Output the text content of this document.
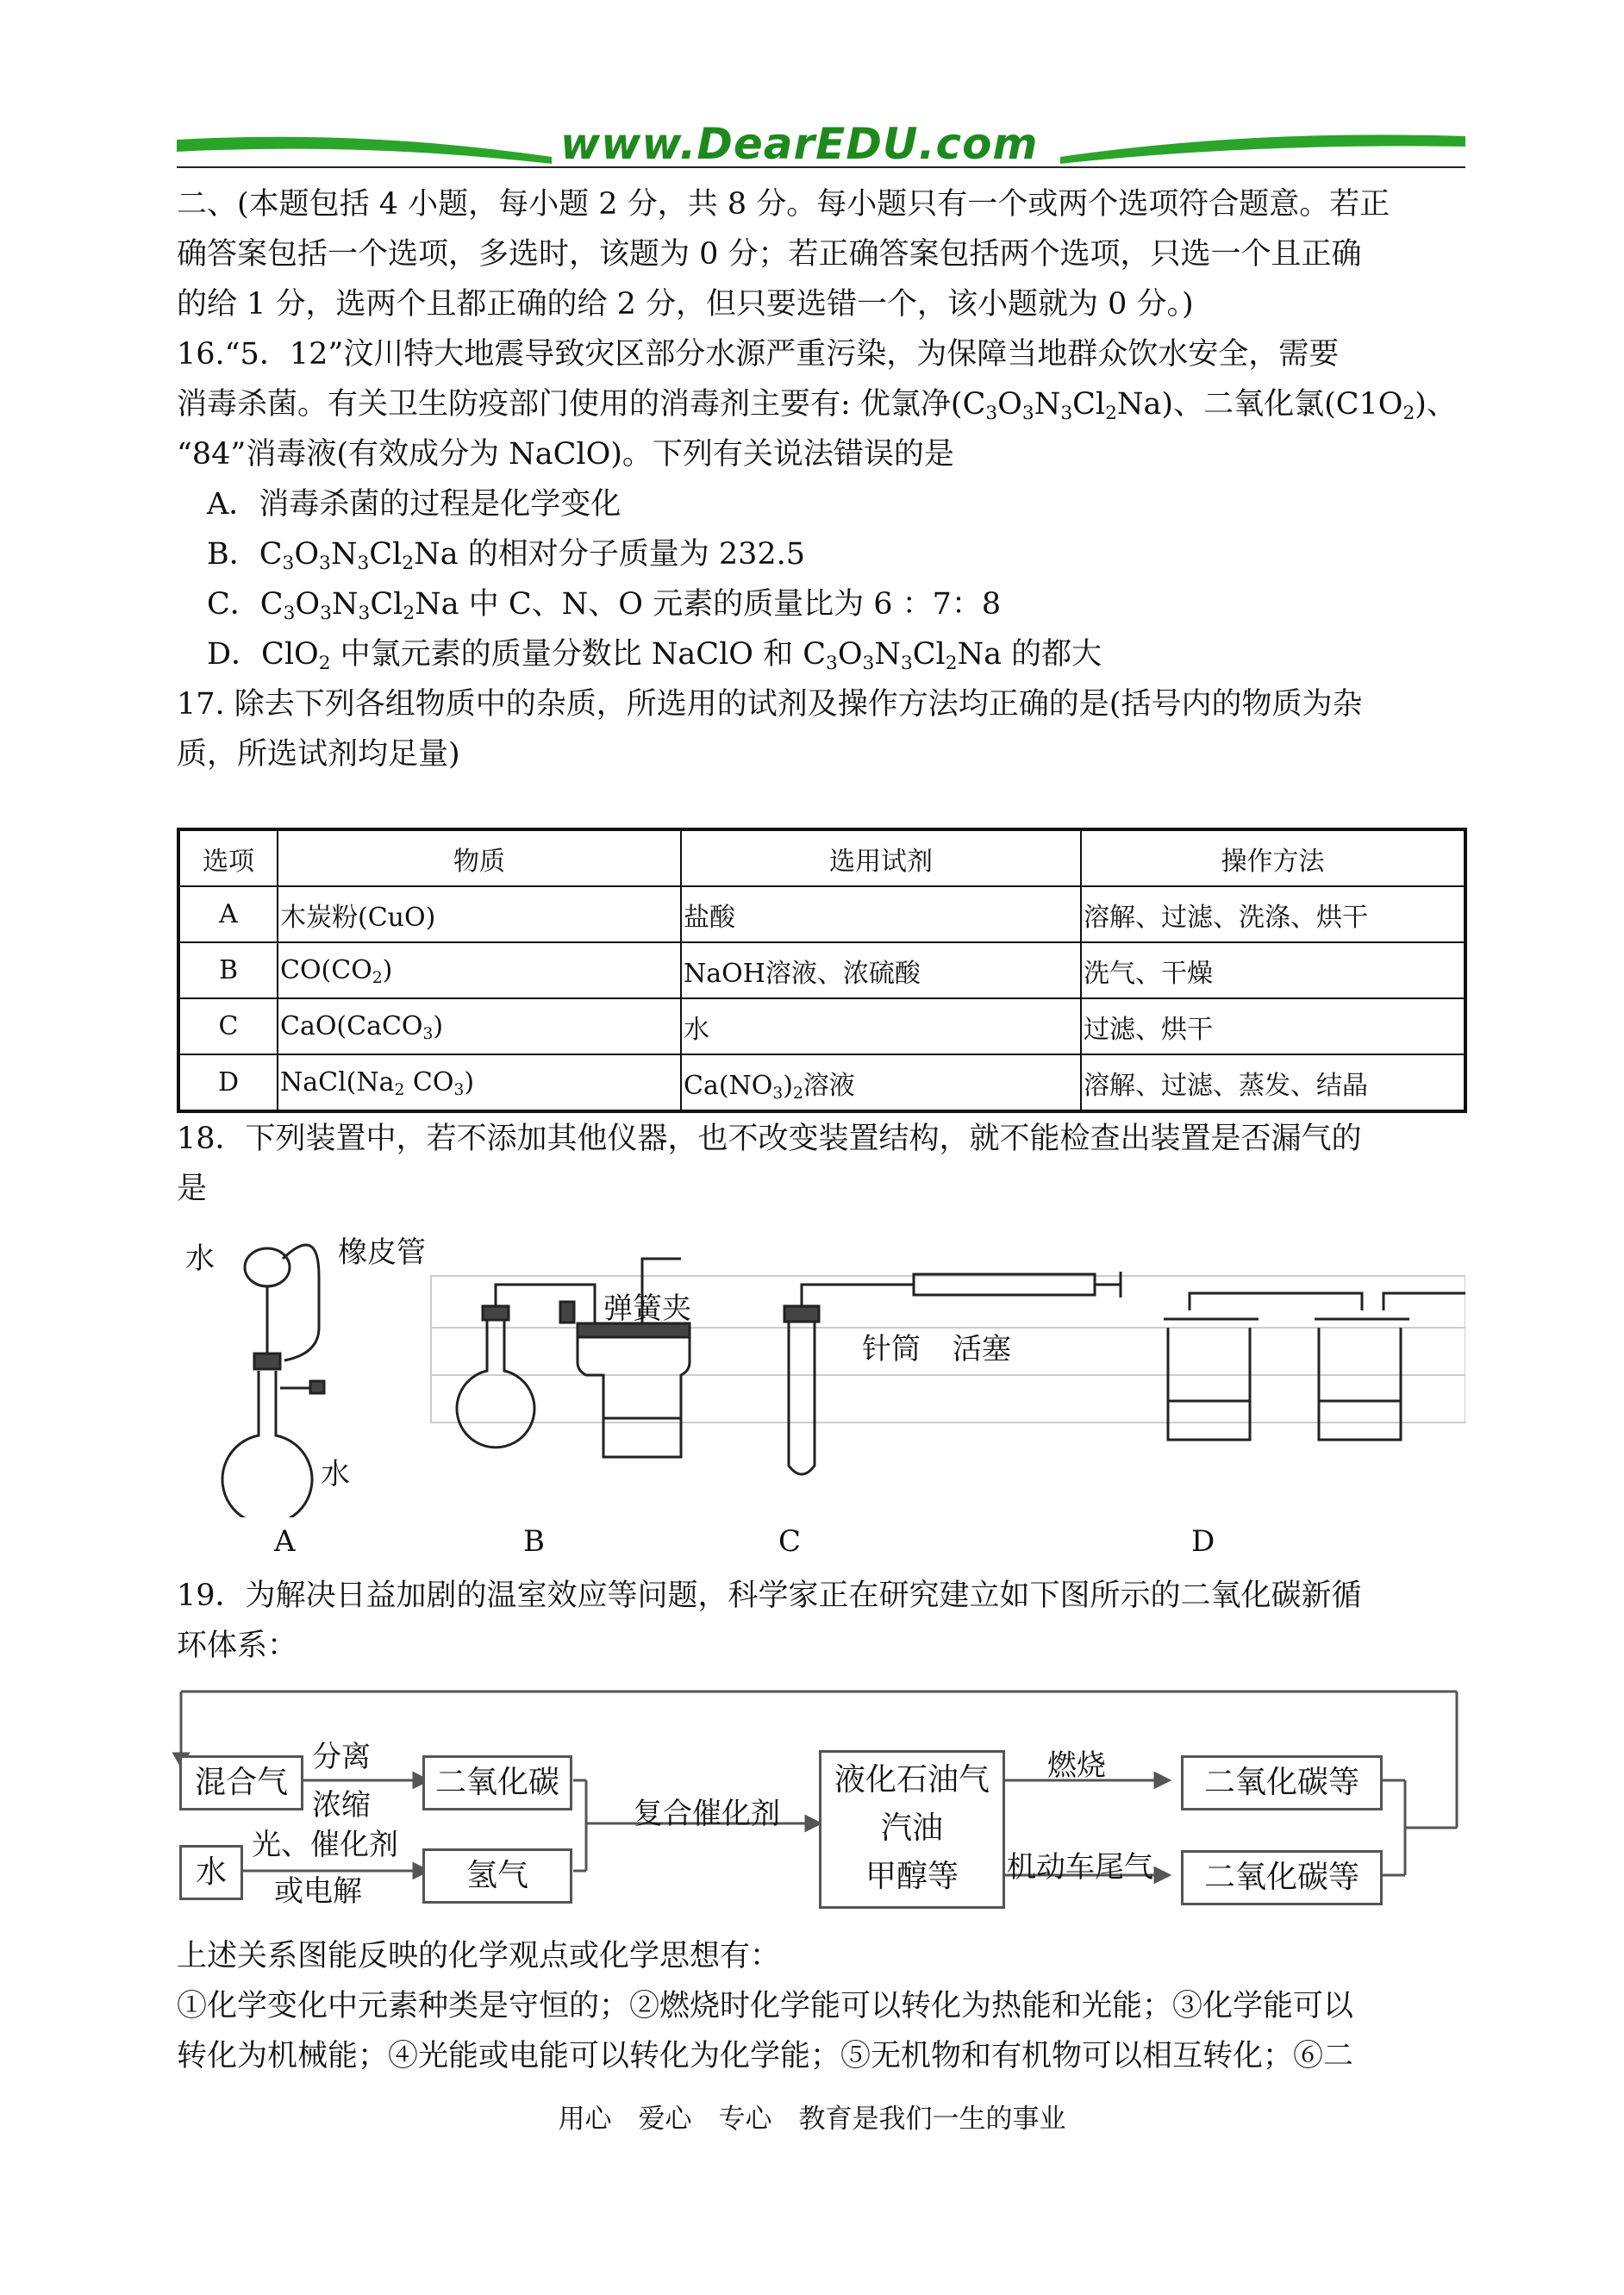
www.DearEDU.com
二、(本题包括 4 小题，每小题 2 分，共 8 分。每小题只有一个或两个选项符合题意。若正
确答案包括一个选项，多选时，该题为 0 分；若正确答案包括两个选项，只选一个且正确
的给 1 分，选两个且都正确的给 2 分，但只要选错一个，该小题就为 0 分。)
16.“5．12”汶川特大地震导致灾区部分水源严重污染，为保障当地群众饮水安全，需要
消毒杀菌。有关卫生防疫部门使用的消毒剂主要有: 优氯净$(C_3O_3N_3Cl_2Na)$、二氧化氯$(C1O_2)$、
“84”消毒液(有效成分为 NaClO)。下列有关说法错误的是
A．消毒杀菌的过程是化学变化
B．$C_3O_3N_3Cl_2Na$ 的相对分子质量为 232.5
C．$C_3O_3N_3Cl_2Na$ 中 C、N、O 元素的质量比为 6 ：7：8
D．ClO$_2$ 中氯元素的质量分数比 NaClO 和 $C_3O_3N_3Cl_2Na$ 的都大
17. 除去下列各组物质中的杂质，所选用的试剂及操作方法均正确的是(括号内的物质为杂
质，所选试剂均足量)
选项	物质	选用试剂	操作方法
A	木炭粉(CuO)	盐酸	溶解、过滤、洗涤、烘干
B	$CO(CO_2)$	NaOH溶液、浓硫酸	洗气、干燥
C	CaO(CaCO$_3$)	水	过滤、烘干
D	$NaCl(Na_2$ $CO_3$)	$Ca(NO_3)_2$溶液	溶解、过滤、蒸发、结晶
18．下列装置中，若不添加其他仪器，也不改变装置结构，就不能检查出装置是否漏气的
是
水	橡皮管
水
弹簧夹
针筒 活塞
A	B	C	D
19．为解决日益加剧的温室效应等问题，科学家正在研究建立如下图所示的二氧化碳新循
环体系：
混合气
水
分离
浓缩
光、催化剂
或电解
二氧化碳
氢气
复合催化剂
液化石油气
汽油
甲醇等
燃烧
机动车尾气
二氧化碳等
二氧化碳等
上述关系图能反映的化学观点或化学思想有：
①化学变化中元素种类是守恒的；②燃烧时化学能可以转化为热能和光能；③化学能可以
转化为机械能；④光能或电能可以转化为化学能；⑤无机物和有机物可以相互转化；⑥二
用心　爱心　专心　教育是我们一生的事业
